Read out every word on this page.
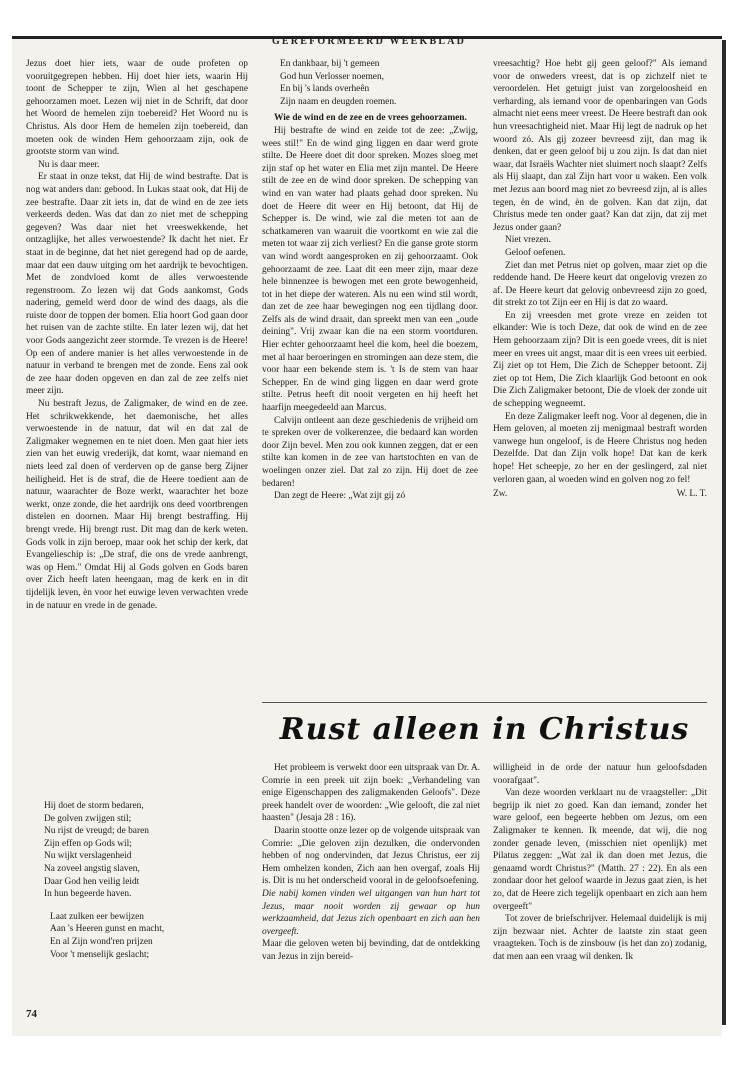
GEREFORMEERD WEEKBLAD

Jezus doet hier iets, waar de oude profeten op vooruitgegrepen hebben. Hij doet hier iets, waarin Hij toont de Schepper te zijn, Wien al het geschapene gehoorzamen moet. Lezen wij niet in de Schrift, dat door het Woord de hemelen zijn toebereid? Het Woord nu is Christus. Als door Hem de hemelen zijn toebereid, dan moeten ook de winden Hem gehoorzaam zijn, ook de grootste storm van wind.

Nu is daar meer.

Er staat in onze tekst, dat Hij de wind bestrafte. Dat is nog wat anders dan: gebood. In Lukas staat ook, dat Hij de zee bestrafte. Daar zit iets in, dat de wind en de zee iets verkeerds deden. Was dat dan zo niet met de schepping gegeven? Was daar niet het vreeswekkende, het ontzaglijke, het alles verwoestende? Ik dacht het niet. Er staat in de beginne, dat het niet geregend had op de aarde, maar dat een dauw uitging om het aardrijk te bevochtigen. Met de zondvloed komt de alles verwoestende regenstroom. Zo lezen wij dat Gods aankomst, Gods nadering, gemeld werd door de wind des daags, als die ruiste door de toppen der bomen. Elia hoort God gaan door het ruisen van de zachte stilte. En later lezen wij, dat het voor Gods aangezicht zeer stormde. Te vrezen is de Heere! Op een of andere manier is het alles verwoestende in de natuur in verband te brengen met de zonde. Eens zal ook de zee haar doden opgeven en dan zal de zee zelfs niet meer zijn.

Nu bestraft Jezus, de Zaligmaker, de wind en de zee. Het schrikwekkende, het daemonische, het alles verwoestende in de natuur, dat wil en dat zal de Zaligmaker wegnemen en te niet doen. Men gaat hier iets zien van het euwig vrederijk, dat komt, waar niemand en niets leed zal doen of verderven op de ganse berg Zijner heiligheid. Het is de straf, die de Heere toedient aan de natuur, waarachter de Boze werkt, waarachter het boze werkt, onze zonde, die het aardrijk ons deed voortbrengen distelen en doornen. Maar Hij brengt bestraffing. Hij brengt vrede. Hij brengt rust. Dit mag dan de kerk weten. Gods volk in zijn beroep, maar ook het schip der kerk, dat Evangelieschip is: „De straf, die ons de vrede aanbrengt, was op Hem." Omdat Hij al Gods golven en Gods baren over Zich heeft laten heengaan, mag de kerk en in dit tijdelijk leven, èn voor het euwige leven verwachten vrede in de natuur en vrede in de genade.

Hij doet de storm bedaren,
De golven zwijgen stil;
Nu rijst de vreugd; de baren
Zijn effen op Gods wil;
Nu wijkt verslagenheid
Na zoveel angstig slaven,
Daar God hen veilig leidt
In hun begeerde haven.
Laat zulken eer bewijzen
Aan 's Heeren gunst en macht,
En al Zijn wond'ren prijzen
Voor 't menselijk geslacht;
74
En dankbaar, bij 't gemeen
God hun Verlosser noemen,
En bij 's lands overheên
Zijn naam en deugden roemen.

Wie de wind en de zee en de vrees gehoorzamen.

Hij bestrafte de wind en zeide tot de zee: „Zwijg, wees stil!" En de wind ging liggen en daar werd grote stilte. De Heere doet dit door spreken. Mozes sloeg met zijn staf op het water en Elia met zijn mantel. De Heere stilt de zee en de wind door spreken. De schepping van wind en van water had plaats gehad door spreken. Nu doet de Heere dit weer en Hij betoont, dat Hij de Schepper is. De wind, wie zal die meten tot aan de schatkameren van waaruit die voortkomt en wie zal die meten tot waar zij zich verliest? En die ganse grote storm van wind wordt aangesproken en zij gehoorzaamt. Ook gehoorzaamt de zee. Laat dit een meer zijn, maar deze hele binnenzee is bewogen met een grote bewogenheid, tot in het diepe der wateren. Als nu een wind stil wordt, dan zet de zee haar bewegingen nog een tijdlang door. Zelfs als de wind draait, dan spreekt men van een „oude deining". Vrij zwaar kan die na een storm voortduren. Hier echter gehoorzaamt heel die kom, heel die boezem, met al haar beroeringen en stromingen aan deze stem, die voor haar een bekende stem is. 't Is de stem van haar Schepper. En de wind ging liggen en daar werd grote stilte. Petrus heeft dit nooit vergeten en hij heeft het haarfijn meegedeeld aan Marcus.

Calvijn ontleent aan deze geschiedenis de vrijheid om te spreken over de volkerenzee, die bedaard kan worden door Zijn bevel. Men zou ook kunnen zeggen, dat er een stilte kan komen in de zee van hartstochten en van de woelingen onzer ziel. Dat zal zo zijn. Hij doet de zee bedaren!

Dan zegt de Heere: „Wat zijt gij zó

vreesachtig? Hoe hebt gij geen geloof?" Als iemand voor de onweders vreest, dat is op zichzelf niet te veroordelen. Het getuigt juist van zorgeloosheid en verharding, als iemand voor de openbaringen van Gods almacht niet eens meer vreest. De Heere bestraft dan ook hun vreesachtigheid niet. Maar Hij legt de nadruk op het woord zó. Als gij zozeer bevreesd zijt, dan mag ik denken, dat er geen geloof bij u zou zijn. Is dat dan niet waar, dat Israëls Wachter niet sluimert noch slaapt? Zelfs als Hij slaapt, dan zal Zijn hart voor u waken. Een volk met Jezus aan boord mag niet zo bevreesd zijn, al is alles tegen, èn de wind, èn de golven. Kan dat zijn, dat Christus mede ten onder gaat? Kan dat zijn, dat zij met Jezus onder gaan?

Niet vrezen.

Geloof oefenen.

Ziet dan met Petrus niet op golven, maar ziet op die reddende hand. De Heere keurt dat ongelovig vrezen zo af. De Heere keurt dat gelovig onbevreesd zijn zo goed, dit strekt zo tot Zijn eer en Hij is dat zo waard.

En zij vreesden met grote vreze en zeiden tot elkander: Wie is toch Deze, dat ook de wind en de zee Hem gehoorzaam zijn? Dit is een goede vrees, dit is niet meer en vrees uit angst, maar dit is een vrees uit eerbied. Zij ziet op tot Hem, Die Zich de Schepper betoont. Zij ziet op tot Hem, Die Zich klaarlijk God betoont en ook Die Zich Zaligmaker betoont, Die de vloek der zonde uit de schepping wegneemt.

En deze Zaligmaker leeft nog. Voor al degenen, die in Hem geloven, al moeten zij menigmaal bestraft worden vanwege hun ongeloof, is de Heere Christus nog heden Dezelfde. Dat dan Zijn volk hope! Dat kan de kerk hope! Het scheepje, zo her en der geslingerd, zal niet verloren gaan, al woeden wind en golven nog zo fel!

Zw.	W. L. T.
Rust alleen in Christus

Het probleem is verwekt door een uitspraak van Dr. A. Comrie in een preek uit zijn boek: „Verhandeling van enige Eigenschappen des zaligmakenden Geloofs". Deze preek handelt over de woorden: „Wie gelooft, die zal niet haasten" (Jesaja 28 : 16).

Daarin stootte onze lezer op de volgende uitspraak van Comrie: „Die geloven zijn dezulken, die ondervonden hebben of nog ondervinden, dat Jezus Christus, eer zij Hem omhelzen konden, Zich aan hen overgaf, zoals Hij is. Dit is nu het onderscheid vooral in de geloofsoefening.

Die nabij komen vinden wel uitgangen van hun hart tot Jezus, maar nooit worden zij gewaar op hun werkzaamheid, dat Jezus zich openbaart en zich aan hen overgeeft.

Maar die geloven weten bij bevinding, dat de ontdekking van Jezus in zijn bereid-

willigheid in de orde der natuur hun geloofsdaden voorafgaat".

Van deze woorden verklaart nu de vraagsteller: „Dit begrijp ik niet zo goed. Kan dan iemand, zonder het ware geloof, een begeerte hebben om Jezus, om een Zaligmaker te kennen. Ik meende, dat wij, die nog zonder genade leven, (misschien niet openlijk) met Pilatus zeggen: „Wat zal ik dan doen met Jezus, die genaamd wordt Christus?" (Matth. 27 : 22). En als een zondaar door het geloof waarde in Jezus gaat zien, is het zo, dat de Heere zich tegelijk openbaart en zich aan hem overgeeft"

Tot zover de briefschrijver. Helemaal duidelijk is mij zijn bezwaar niet. Achter de laatste zin staat geen vraagteken. Toch is de zinsbouw (is het dan zo) zodanig, dat men aan een vraag wil denken. Ik
